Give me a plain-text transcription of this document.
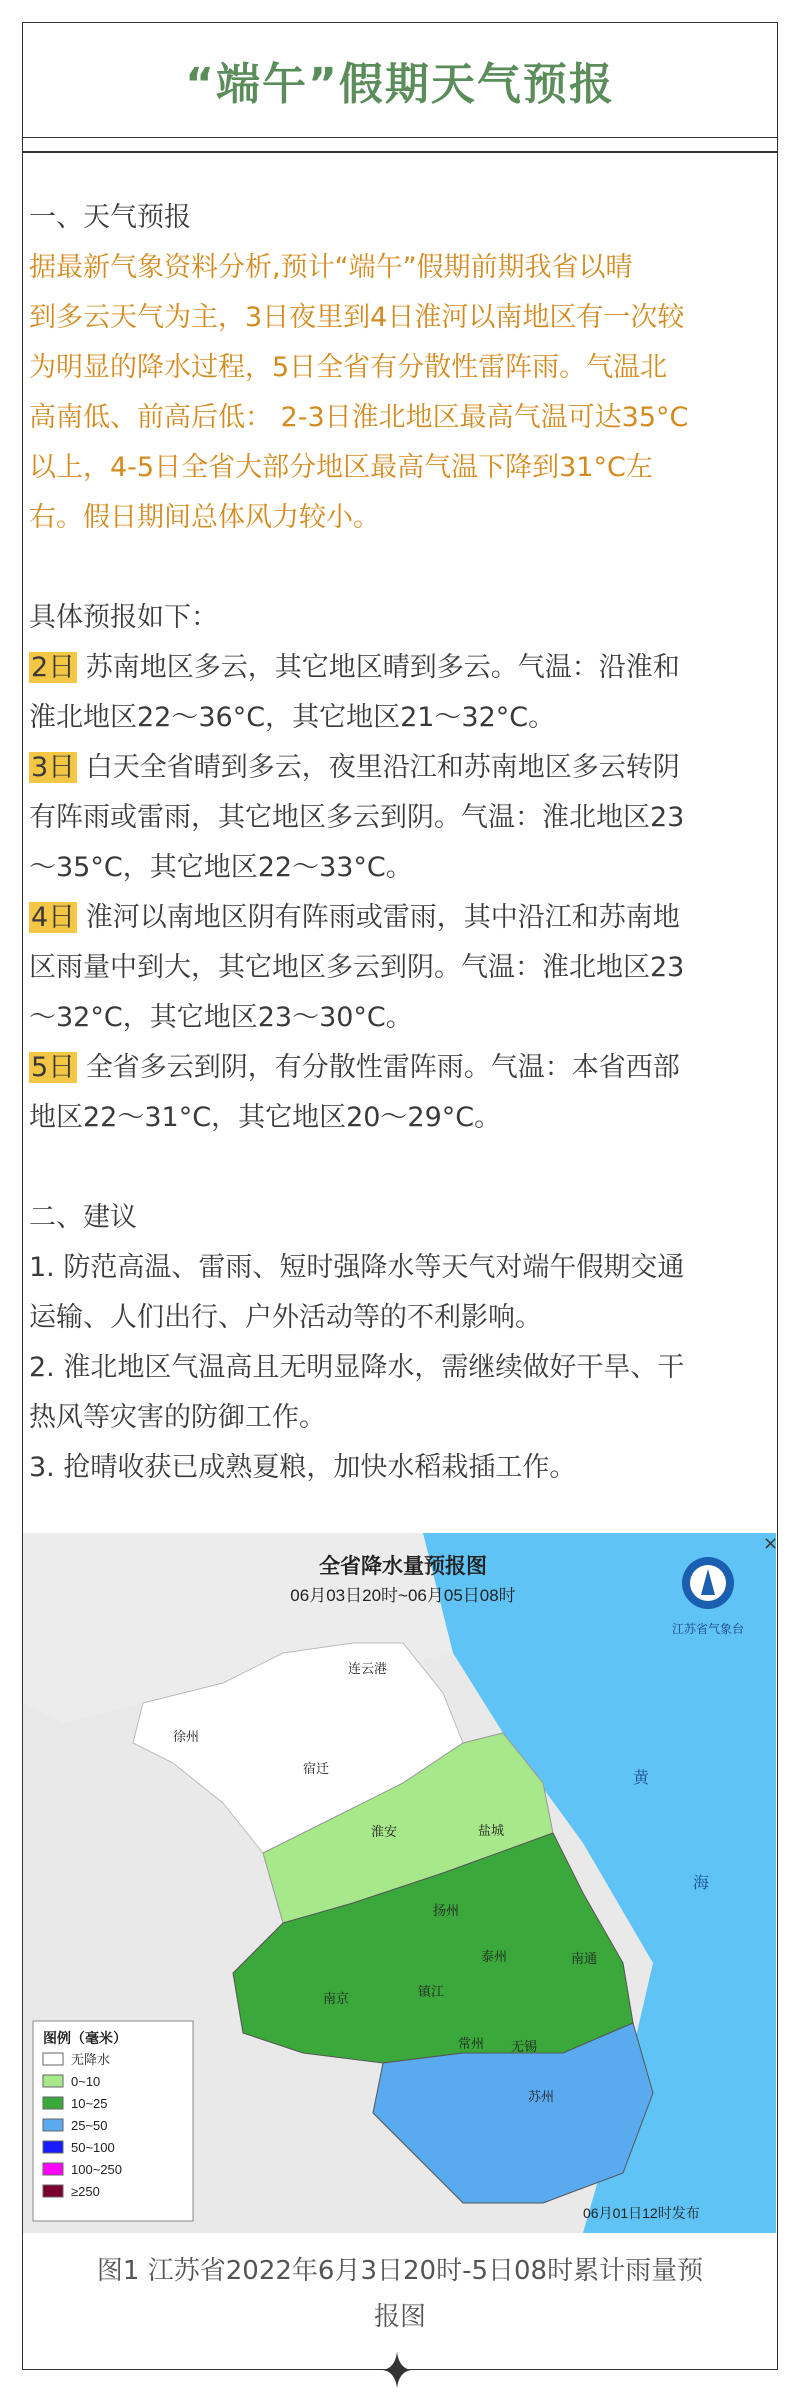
“端午”假期天气预报

一、天气预报

据最新气象资料分析,预计“端午”假期前期我省以晴

到多云天气为主，3日夜里到4日淮河以南地区有一次较

为明显的降水过程，5日全省有分散性雷阵雨。气温北

高南低、前高后低： 2-3日淮北地区最高气温可达35°C

以上，4-5日全省大部分地区最高气温下降到31°C左

右。假日期间总体风力较小。

具体预报如下：

2日 苏南地区多云，其它地区晴到多云。气温：沿淮和

淮北地区22～36°C，其它地区21～32°C。

3日 白天全省晴到多云，夜里沿江和苏南地区多云转阴

有阵雨或雷雨，其它地区多云到阴。气温：淮北地区23

～35°C，其它地区22～33°C。

4日 淮河以南地区阴有阵雨或雷雨，其中沿江和苏南地

区雨量中到大，其它地区多云到阴。气温：淮北地区23

～32°C，其它地区23～30°C。

5日 全省多云到阴，有分散性雷阵雨。气温：本省西部

地区22～31°C，其它地区20～29°C。

二、建议

1. 防范高温、雷雨、短时强降水等天气对端午假期交通

运输、人们出行、户外活动等的不利影响。

2. 淮北地区气温高且无明显降水，需继续做好干旱、干

热风等灾害的防御工作。

3. 抢晴收获已成熟夏粮，加快水稻栽插工作。

全省降水量预报图
06月03日20时~06月05日08时
江苏省气象台
×
黄
海
连云港
徐州
宿迁
淮安	盐城
扬州
泰州	南通
南京	镇江
常州 无锡
苏州
图例（毫米）
无降水
0~10
10~25
25~50
50~100
100~250
≥250
06月01日12时发布
图1 江苏省2022年6月3日20时-5日08时累计雨量预
报图
